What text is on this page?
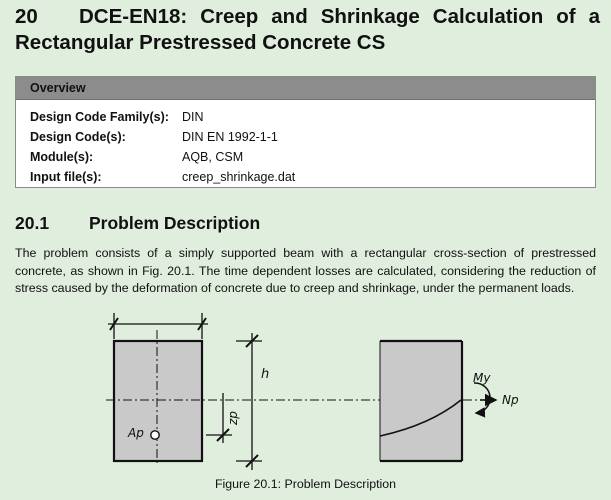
20 DCE-EN18: Creep and Shrinkage Calculation of a Rectangular Prestressed Concrete CS
Overview
Design Code Family(s):	DIN
Design Code(s):	DIN EN 1992-1-1
Module(s):	AQB, CSM
Input file(s):	creep_shrinkage.dat
20.1 Problem Description
The problem consists of a simply supported beam with a rectangular cross-section of prestressed concrete, as shown in Fig. 20.1. The time dependent losses are calculated, considering the reduction of stress caused by the deformation of concrete due to creep and shrinkage, under the permanent loads.
h
zp
Ap
My
Np
Figure 20.1: Problem Description
